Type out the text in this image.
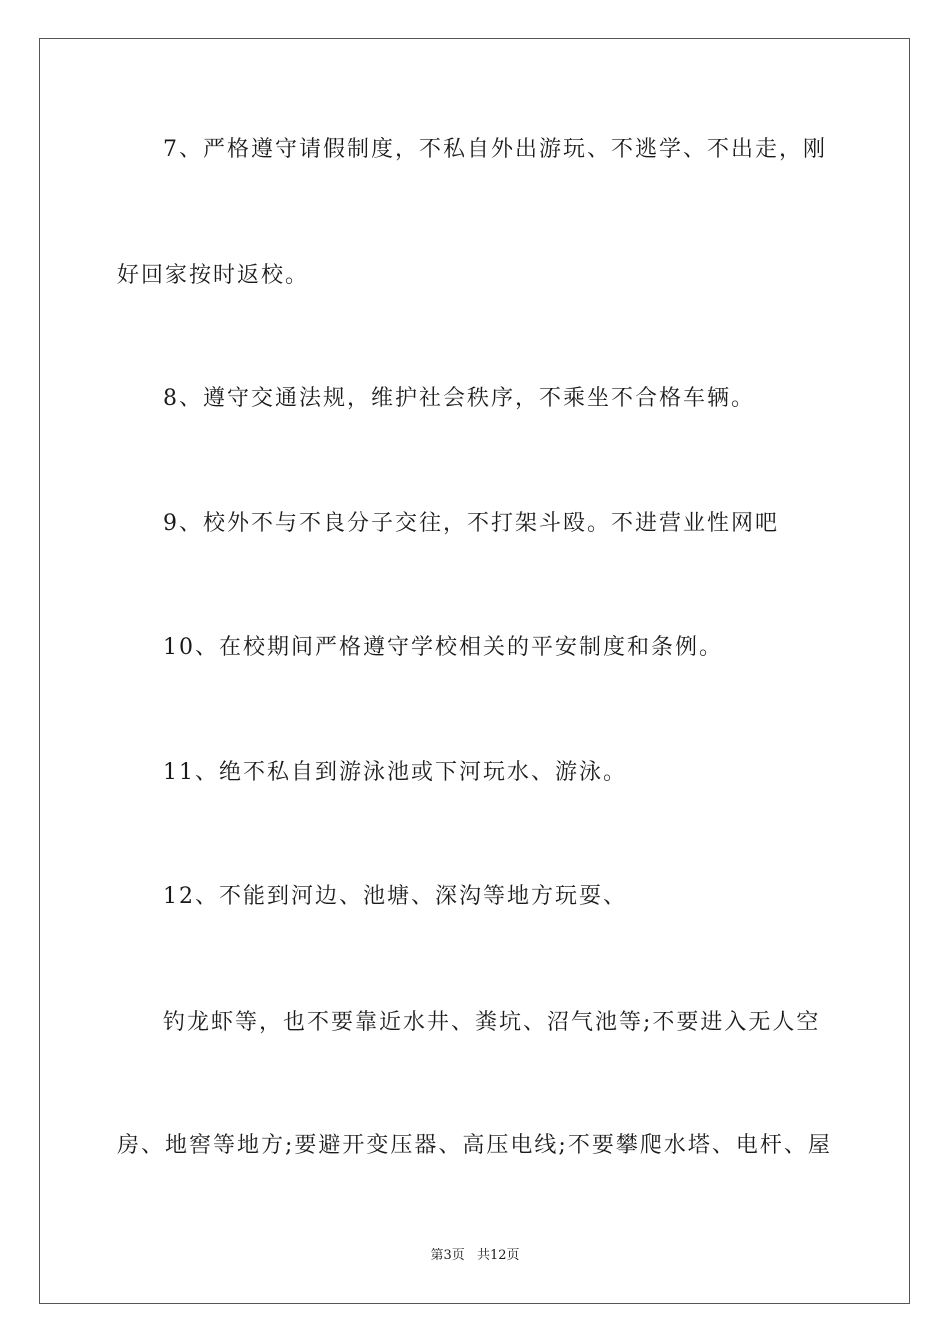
7、严格遵守请假制度，不私自外出游玩、不逃学、不出走，刚
好回家按时返校。
8、遵守交通法规，维护社会秩序，不乘坐不合格车辆。
9、校外不与不良分子交往，不打架斗殴。不进营业性网吧
10、在校期间严格遵守学校相关的平安制度和条例。
11、绝不私自到游泳池或下河玩水、游泳。
12、不能到河边、池塘、深沟等地方玩耍、
钓龙虾等，也不要靠近水井、粪坑、沼气池等;不要进入无人空
房、地窖等地方;要避开变压器、高压电线;不要攀爬水塔、电杆、屋
第3页 共12页
